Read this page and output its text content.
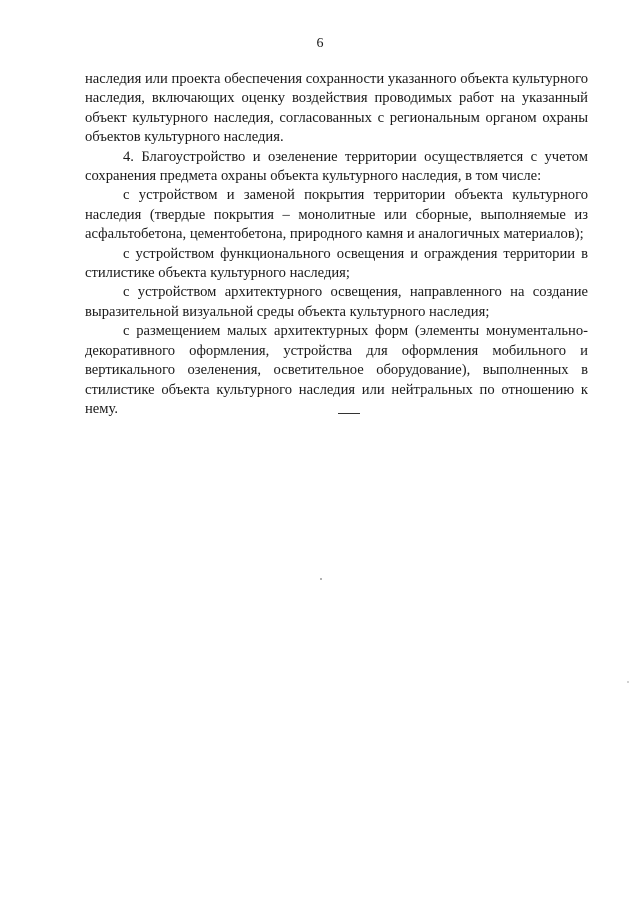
6

наследия или проекта обеспечения сохранности указанного объекта культурного наследия, включающих оценку воздействия проводимых работ на указанный объект культурного наследия, согласованных с региональным органом охраны объектов культурного наследия.

4. Благоустройство и озеленение территории осуществляется с учетом сохранения предмета охраны объекта культурного наследия, в том числе:

с устройством и заменой покрытия территории объекта культурного наследия (твердые покрытия – монолитные или сборные, выполняемые из асфальтобетона, цементобетона, природного камня и аналогичных материалов);

с устройством функционального освещения и ограждения территории в стилистике объекта культурного наследия;

с устройством архитектурного освещения, направленного на создание выразительной визуальной среды объекта культурного наследия;

с размещением малых архитектурных форм (элементы монументально-декоративного оформления, устройства для оформления мобильного и вертикального озеленения, осветительное оборудование), выполненных в стилистике объекта культурного наследия или нейтральных по отношению к нему.
